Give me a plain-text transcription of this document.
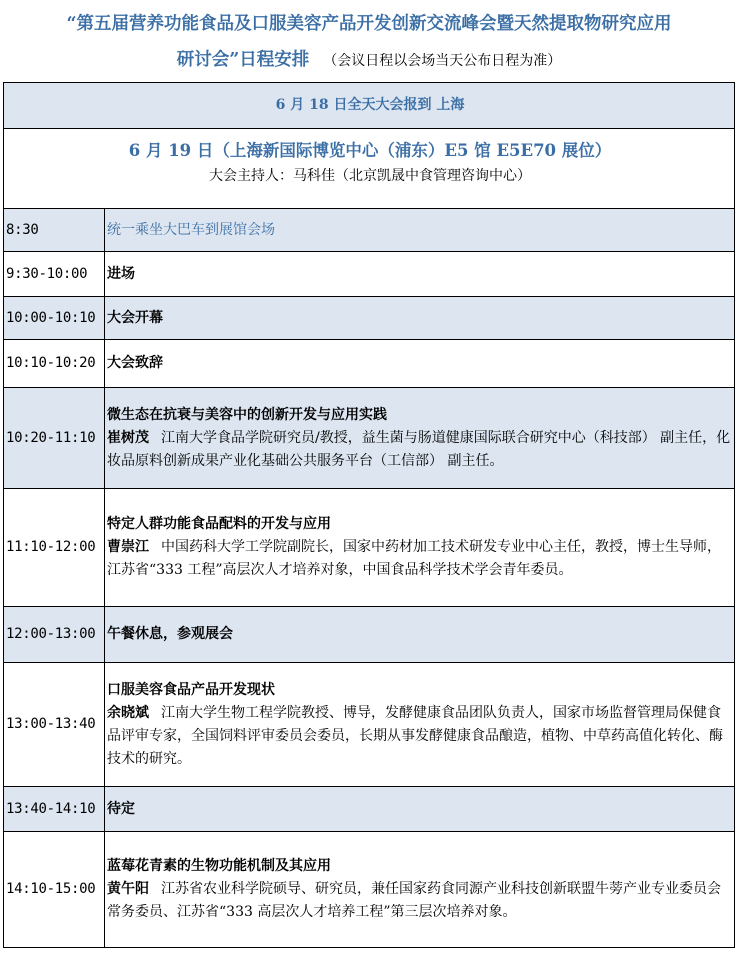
“第五届营养功能食品及口服美容产品开发创新交流峰会暨天然提取物研究应用
研讨会”日程安排 （会议日程以会场当天公布日程为准）
6 月 18 日全天大会报到 上海	

6 月 19 日（上海新国际博览中心（浦东）E5 馆 E5E70 展位）
大会主持人：马科佳（北京凯晟中食管理咨询中心）	

8:30	统一乘坐大巴车到展馆会场
9:30-10:00	进场
10:00-10:10	大会开幕
10:10-10:20	大会致辞
10:20-11:10	微生态在抗衰与美容中的创新开发与应用实践
崔树茂 江南大学食品学院研究员/教授，益生菌与肠道健康国际联合研究中心（科技部） 副主任，化妆品原料创新成果产业化基础公共服务平台（工信部） 副主任。

11:10-12:00	特定人群功能食品配料的开发与应用
曹崇江 中国药科大学工学院副院长，国家中药材加工技术研发专业中心主任，教授，博士生导师，江苏省“333 工程”高层次人才培养对象，中国食品科学技术学会青年委员。

12:00-13:00	午餐休息，参观展会
13:00-13:40	口服美容食品产品开发现状
余晓斌 江南大学生物工程学院教授、博导，发酵健康食品团队负责人，国家市场监督管理局保健食品评审专家，全国饲料评审委员会委员，长期从事发酵健康食品酿造，植物、中草药高值化转化、酶技术的研究。

13:40-14:10	待定
14:10-15:00	蓝莓花青素的生物功能机制及其应用
黄午阳 江苏省农业科学院硕导、研究员，兼任国家药食同源产业科技创新联盟牛蒡产业专业委员会常务委员、江苏省“333 高层次人才培养工程”第三层次培养对象。
